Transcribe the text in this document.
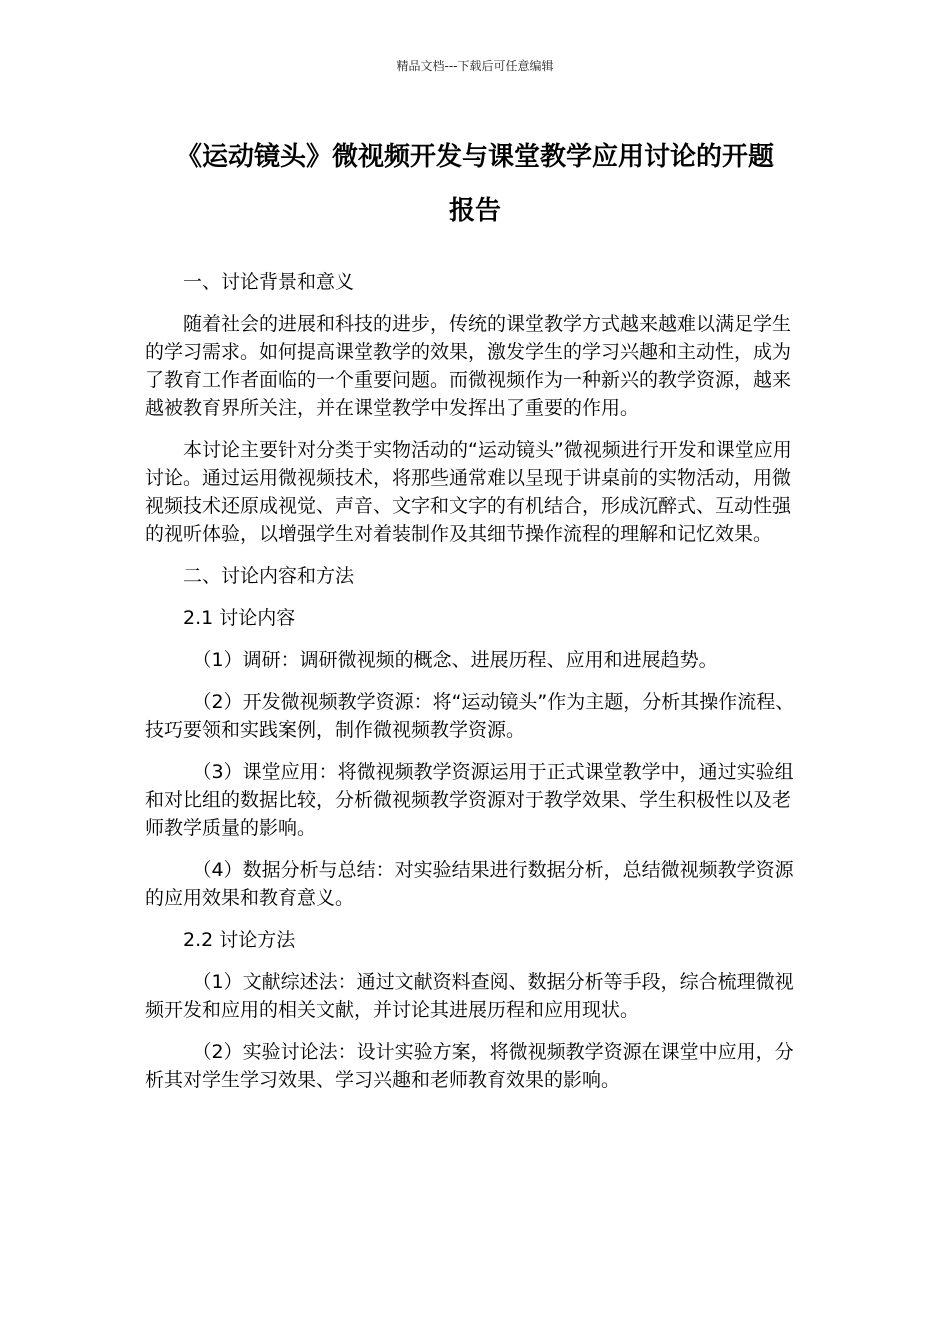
精品文档---下载后可任意编辑
《运动镜头》微视频开发与课堂教学应用讨论的开题
报告

一、讨论背景和意义

随着社会的进展和科技的进步，传统的课堂教学方式越来越难以满足学生的学习需求。如何提高课堂教学的效果，激发学生的学习兴趣和主动性，成为了教育工作者面临的一个重要问题。而微视频作为一种新兴的教学资源，越来越被教育界所关注，并在课堂教学中发挥出了重要的作用。

本讨论主要针对分类于实物活动的“运动镜头”微视频进行开发和课堂应用讨论。通过运用微视频技术，将那些通常难以呈现于讲桌前的实物活动，用微视频技术还原成视觉、声音、文字和文字的有机结合，形成沉醉式、互动性强的视听体验，以增强学生对着装制作及其细节操作流程的理解和记忆效果。

二、讨论内容和方法

2.1 讨论内容

（1）调研：调研微视频的概念、进展历程、应用和进展趋势。

（2）开发微视频教学资源：将“运动镜头”作为主题，分析其操作流程、技巧要领和实践案例，制作微视频教学资源。

（3）课堂应用：将微视频教学资源运用于正式课堂教学中，通过实验组和对比组的数据比较，分析微视频教学资源对于教学效果、学生积极性以及老师教学质量的影响。

（4）数据分析与总结：对实验结果进行数据分析，总结微视频教学资源的应用效果和教育意义。

2.2 讨论方法

（1）文献综述法：通过文献资料查阅、数据分析等手段，综合梳理微视频开发和应用的相关文献，并讨论其进展历程和应用现状。

（2）实验讨论法：设计实验方案，将微视频教学资源在课堂中应用，分析其对学生学习效果、学习兴趣和老师教育效果的影响。
